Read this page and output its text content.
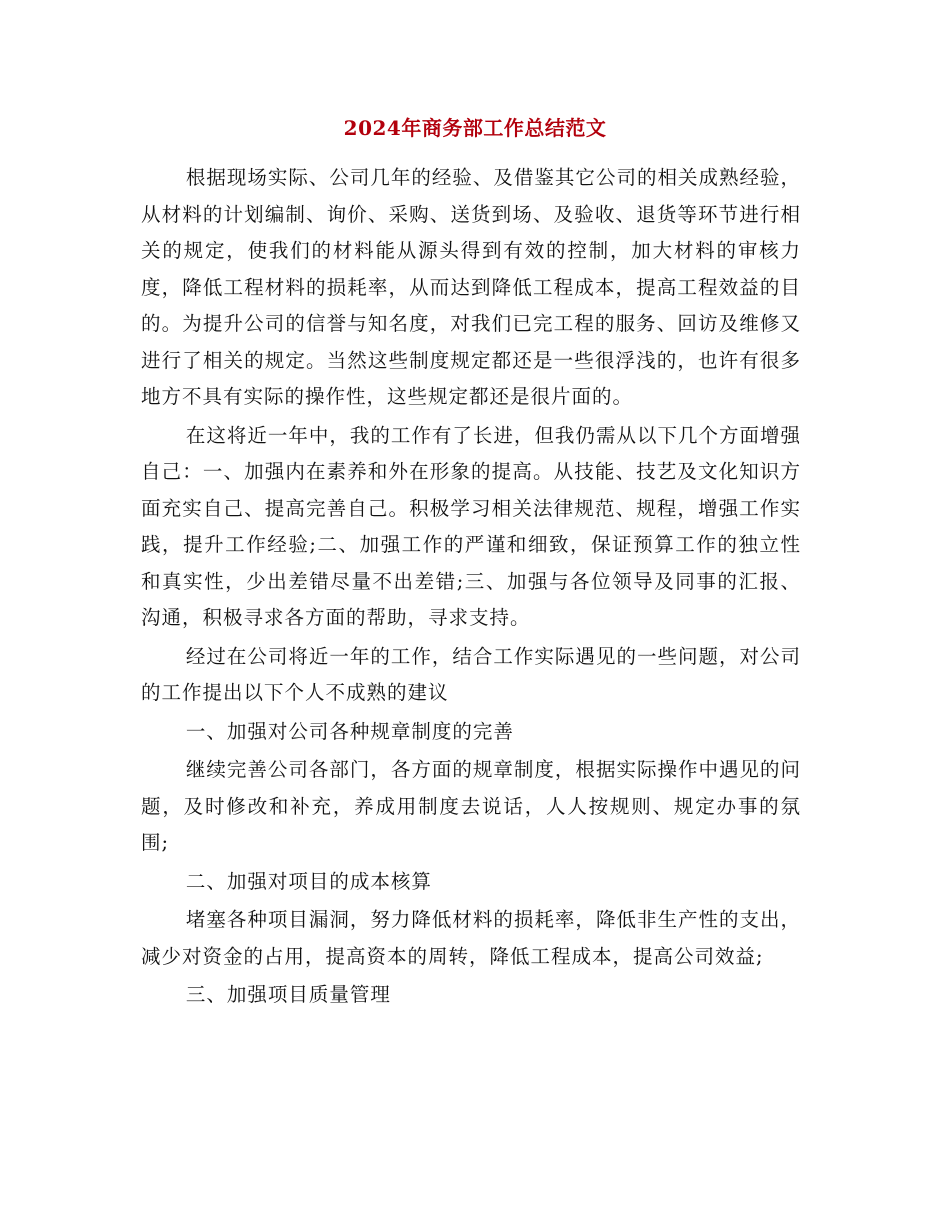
2024年商务部工作总结范文

根据现场实际、公司几年的经验、及借鉴其它公司的相关成熟经验，从材料的计划编制、询价、采购、送货到场、及验收、退货等环节进行相关的规定，使我们的材料能从源头得到有效的控制，加大材料的审核力度，降低工程材料的损耗率，从而达到降低工程成本，提高工程效益的目的。为提升公司的信誉与知名度，对我们已完工程的服务、回访及维修又进行了相关的规定。当然这些制度规定都还是一些很浮浅的，也许有很多地方不具有实际的操作性，这些规定都还是很片面的。

在这将近一年中，我的工作有了长进，但我仍需从以下几个方面增强自己：一、加强内在素养和外在形象的提高。从技能、技艺及文化知识方面充实自己、提高完善自己。积极学习相关法律规范、规程，增强工作实践，提升工作经验;二、加强工作的严谨和细致，保证预算工作的独立性和真实性，少出差错尽量不出差错;三、加强与各位领导及同事的汇报、沟通，积极寻求各方面的帮助，寻求支持。

经过在公司将近一年的工作，结合工作实际遇见的一些问题，对公司的工作提出以下个人不成熟的建议

一、加强对公司各种规章制度的完善

继续完善公司各部门，各方面的规章制度，根据实际操作中遇见的问题，及时修改和补充，养成用制度去说话，人人按规则、规定办事的氛围;

二、加强对项目的成本核算

堵塞各种项目漏洞，努力降低材料的损耗率，降低非生产性的支出，减少对资金的占用，提高资本的周转，降低工程成本，提高公司效益;

三、加强项目质量管理
